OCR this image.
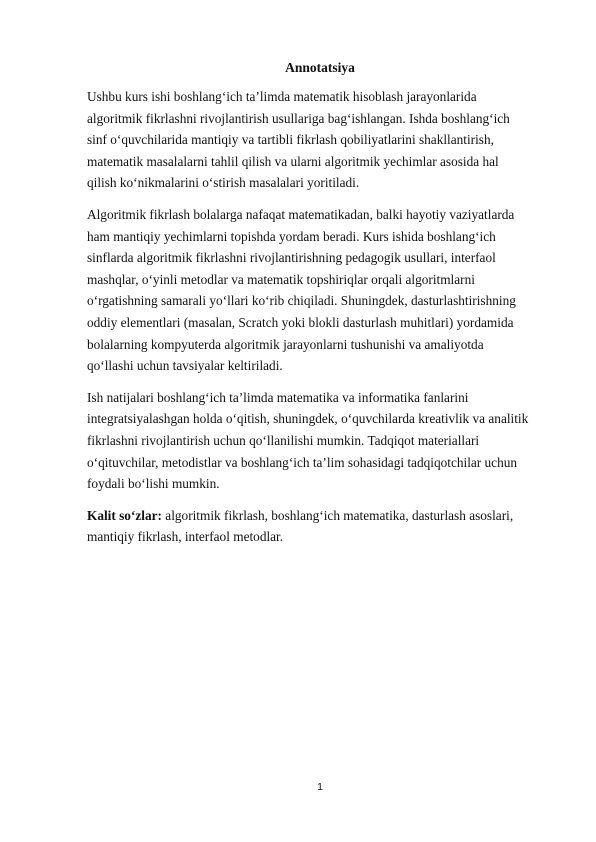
Annotatsiya

Ushbu kurs ishi boshlang‘ich ta’limda matematik hisoblash jarayonlarida
algoritmik fikrlashni rivojlantirish usullariga bag‘ishlangan. Ishda boshlang‘ich
sinf o‘quvchilarida mantiqiy va tartibli fikrlash qobiliyatlarini shakllantirish,
matematik masalalarni tahlil qilish va ularni algoritmik yechimlar asosida hal
qilish ko‘nikmalarini o‘stirish masalalari yoritiladi.

Algoritmik fikrlash bolalarga nafaqat matematikadan, balki hayotiy vaziyatlarda
ham mantiqiy yechimlarni topishda yordam beradi. Kurs ishida boshlang‘ich
sinflarda algoritmik fikrlashni rivojlantirishning pedagogik usullari, interfaol
mashqlar, o‘yinli metodlar va matematik topshiriqlar orqali algoritmlarni
o‘rgatishning samarali yo‘llari ko‘rib chiqiladi. Shuningdek, dasturlashtirishning
oddiy elementlari (masalan, Scratch yoki blokli dasturlash muhitlari) yordamida
bolalarning kompyuterda algoritmik jarayonlarni tushunishi va amaliyotda
qo‘llashi uchun tavsiyalar keltiriladi.

Ish natijalari boshlang‘ich ta’limda matematika va informatika fanlarini
integratsiyalashgan holda o‘qitish, shuningdek, o‘quvchilarda kreativlik va analitik
fikrlashni rivojlantirish uchun qo‘llanilishi mumkin. Tadqiqot materiallari
o‘qituvchilar, metodistlar va boshlang‘ich ta’lim sohasidagi tadqiqotchilar uchun
foydali bo‘lishi mumkin.

Kalit so‘zlar: algoritmik fikrlash, boshlang‘ich matematika, dasturlash asoslari,
mantiqiy fikrlash, interfaol metodlar.

1
